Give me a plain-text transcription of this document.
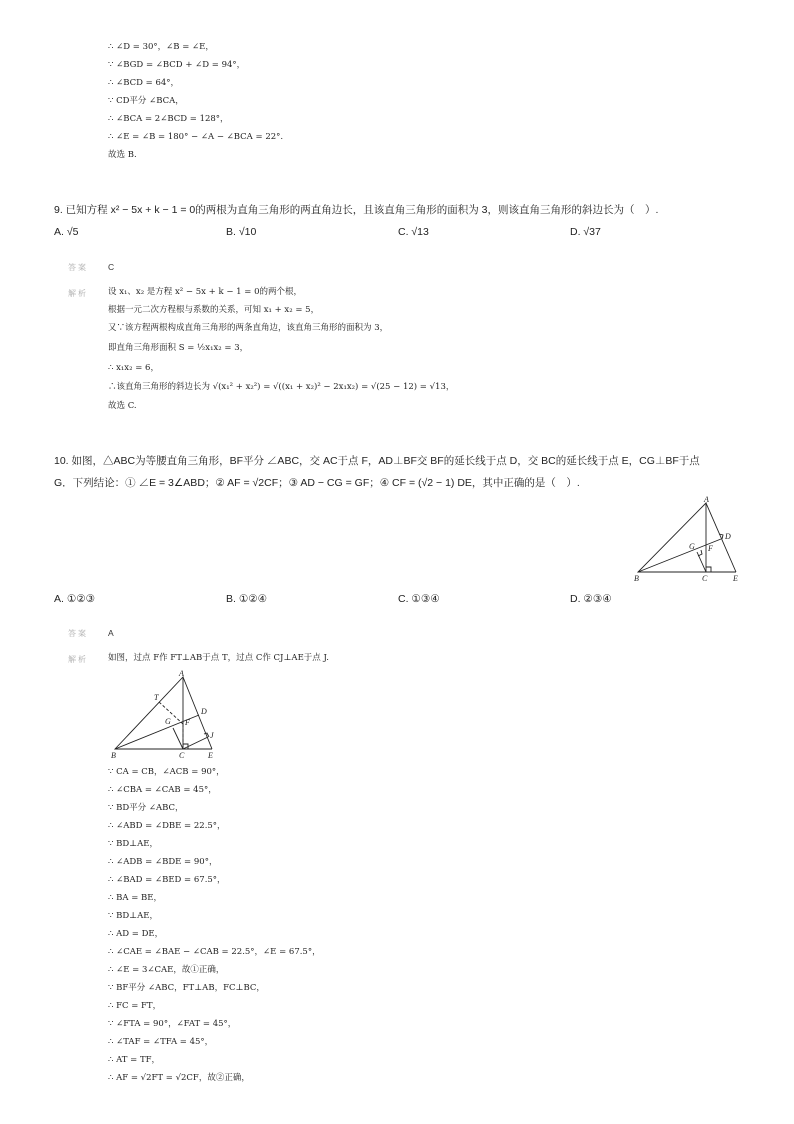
∴ ∠D = 30°，∠B = ∠E，
∵ ∠BGD = ∠BCD + ∠D = 94°，
∴ ∠BCD = 64°，
∵ CD平分 ∠BCA，
∴ ∠BCA = 2∠BCD = 128°，
∴ ∠E = ∠B = 180° − ∠A − ∠BCA = 22°.
故选 B.
9. 已知方程 x² − 5x + k − 1 = 0的两根为直角三角形的两直角边长，且该直角三角形的面积为 3，则该直角三角形的斜边长为（　）.
A. √5	B. √10	C. √13	D. √37
答案 C
解析 设 x₁、x₂ 是方程 x² − 5x + k − 1 = 0的两个根，
根据一元二次方程根与系数的关系，可知 x₁ + x₂ = 5，
又∵该方程两根构成直角三角形的两条直角边，该直角三角形的面积为 3，
即直角三角形面积 S = ½x₁x₂ = 3，
∴ x₁x₂ = 6，
∴该直角三角形的斜边长为 √(x₁² + x₂²) = √((x₁ + x₂)² − 2x₁x₂) = √(25 − 12) = √13，
故选 C.
10. 如图，△ABC为等腰直角三角形，BF平分 ∠ABC，交 AC于点 F，AD⊥BF交 BF的延长线于点 D，交 BC的延长线于点 E，CG⊥BF于点
G．下列结论：① ∠E = 3∠ABD；② AF = √2CF；③ AD − CG = GF；④ CF = (√2 − 1) DE，其中正确的是（　）.
A
B	C
D
E
F
G
A. ①②③	B. ①②④	C. ①③④	D. ②③④
答案 A
解析 如图，过点 F作 FT⊥AB于点 T，过点 C作 CJ⊥AE于点 J.
A
T
G
D
F
J
B	C	E
∵ CA = CB，∠ACB = 90°，
∴ ∠CBA = ∠CAB = 45°，
∵ BD平分 ∠ABC，
∴ ∠ABD = ∠DBE = 22.5°，
∵ BD⊥AE，
∴ ∠ADB = ∠BDE = 90°，
∴ ∠BAD = ∠BED = 67.5°，
∴ BA = BE，
∵ BD⊥AE，
∴ AD = DE，
∴ ∠CAE = ∠BAE − ∠CAB = 22.5°，∠E = 67.5°，
∴ ∠E = 3∠CAE，故①正确，
∵ BF平分 ∠ABC，FT⊥AB，FC⊥BC，
∴ FC = FT，
∵ ∠FTA = 90°，∠FAT = 45°，
∴ ∠TAF = ∠TFA = 45°，
∴ AT = TF，
∴ AF = √2FT = √2CF，故②正确，
